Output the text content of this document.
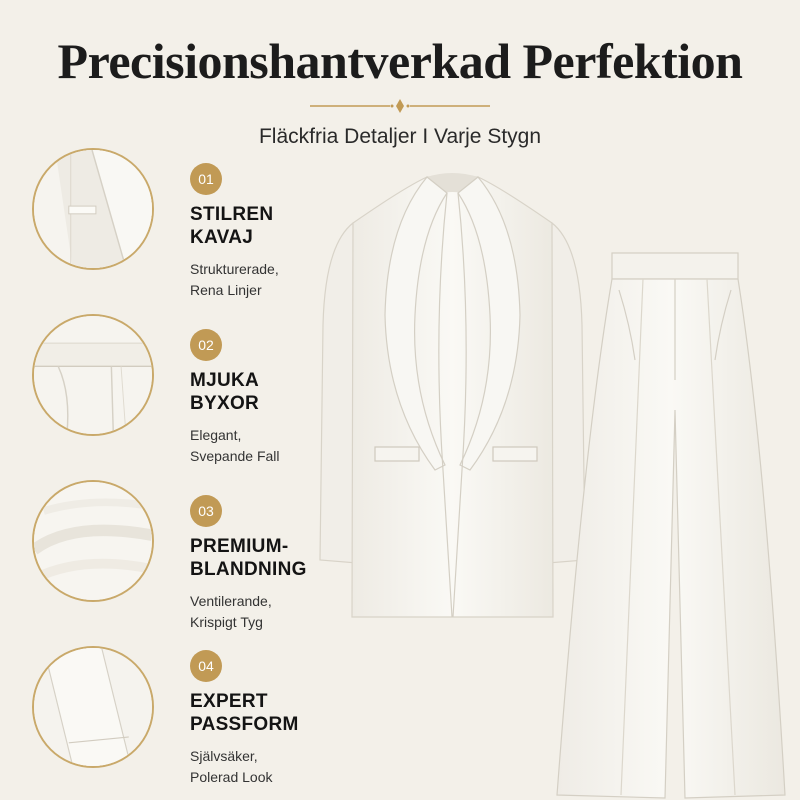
Precisionshantverkad Perfektion
Fläckfria Detaljer I Varje Stygn
01
STILREN
KAVAJ
Strukturerade,
Rena Linjer
02
MJUKA
BYXOR
Elegant,
Svepande Fall
03
PREMIUM-
BLANDNING
Ventilerande,
Krispigt Tyg
04
EXPERT
PASSFORM
Självsäker,
Polerad Look
